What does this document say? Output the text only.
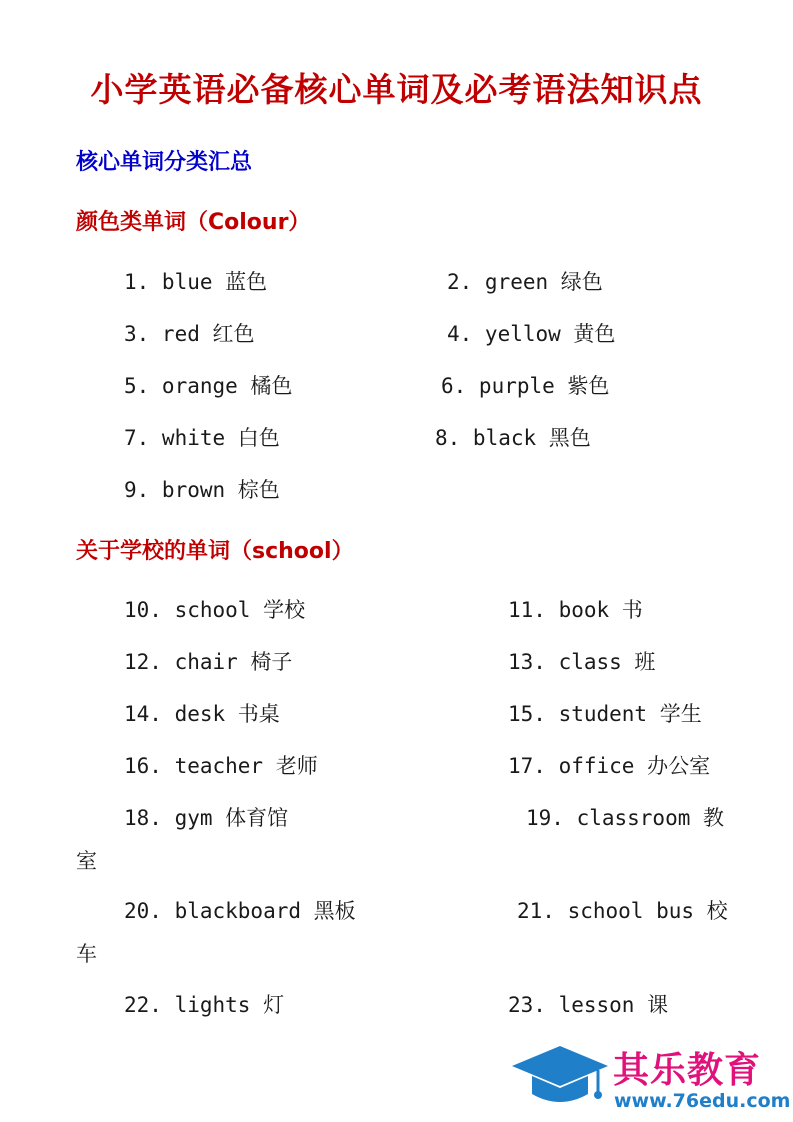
小学英语必备核心单词及必考语法知识点
核心单词分类汇总
颜色类单词（Colour）
1. blue 蓝色	2. green 绿色
3. red 红色	4. yellow 黄色
5. orange 橘色	6. purple 紫色
7. white 白色	8. black 黑色
9. brown 棕色
关于学校的单词（school）
10. school 学校	11. book 书
12. chair 椅子	13. class 班
14. desk 书桌	15. student 学生
16. teacher 老师	17. office 办公室
18. gym 体育馆	19. classroom 教
室
20. blackboard 黑板	21. school bus 校
车
22. lights 灯	23. lesson 课
其乐教育
www.76edu.com
